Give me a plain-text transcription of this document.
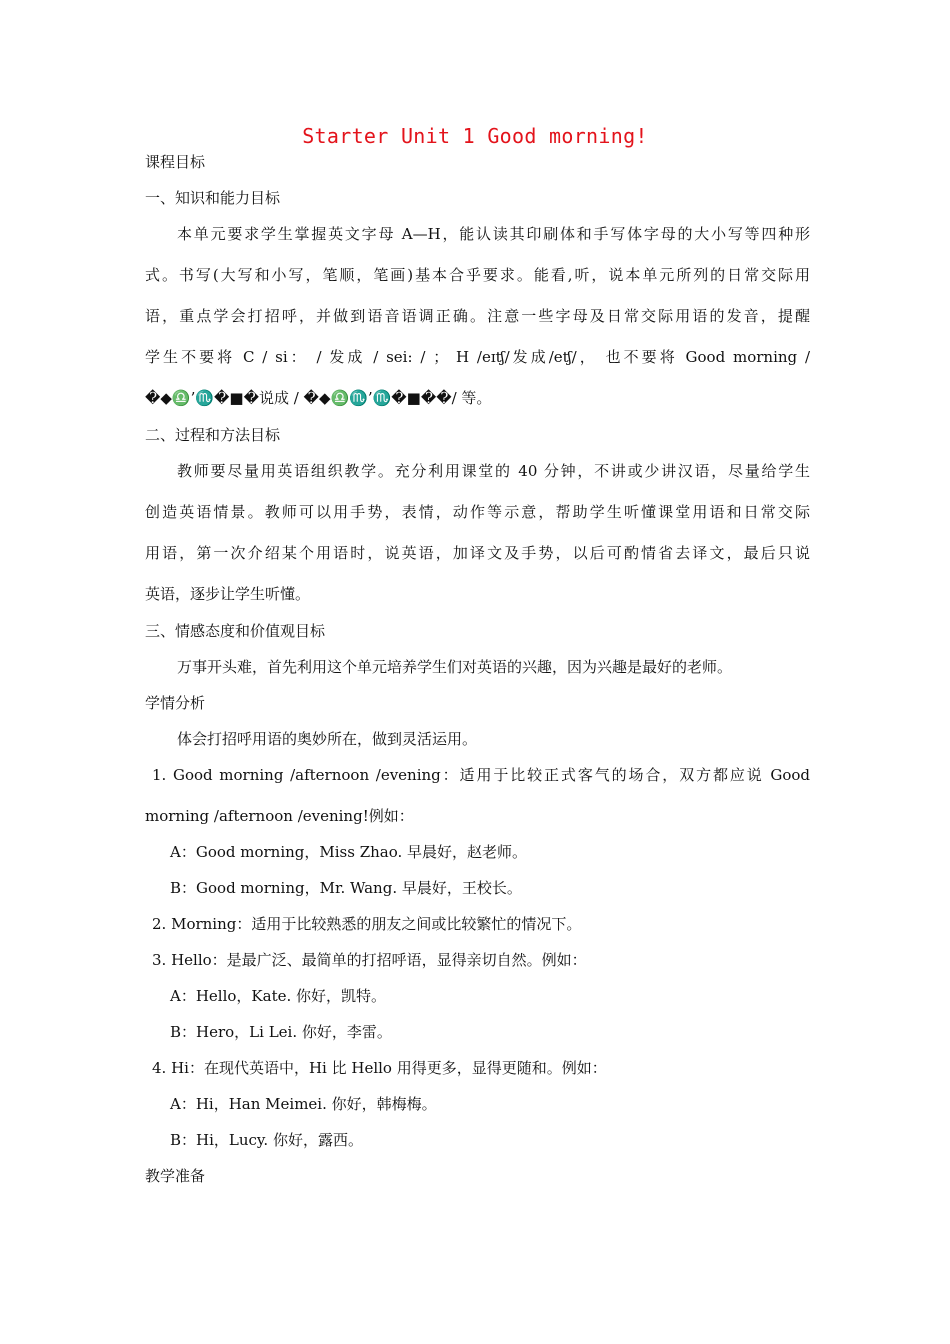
Starter Unit 1 Good morning!
课程目标
一、知识和能力目标
本单元要求学生掌握英文字母 A—H，能认读其印刷体和手写体字母的大小写等四种形
式。书写(大写和小写，笔顺，笔画)基本合乎要求。能看,听，说本单元所列的日常交际用
语，重点学会打招呼，并做到语音语调正确。注意一些字母及日常交际用语的发音，提醒
学生不要将 C / si： / 发成 / sei: / ； H /eɪʧ/发成/eʧ/， 也不要将 Good morning /
�◆♎’♏�■�说成 / �◆♎♏’♏�■��/ 等。
二、过程和方法目标
教师要尽量用英语组织教学。充分利用课堂的 40 分钟，不讲或少讲汉语，尽量给学生
创造英语情景。教师可以用手势，表情，动作等示意，帮助学生听懂课堂用语和日常交际
用语，第一次介绍某个用语时，说英语，加译文及手势，以后可酌情省去译文，最后只说
英语，逐步让学生听懂。
三、情感态度和价值观目标
万事开头难，首先利用这个单元培养学生们对英语的兴趣，因为兴趣是最好的老师。
学情分析
体会打招呼用语的奥妙所在，做到灵活运用。
1. Good morning /afternoon /evening：适用于比较正式客气的场合，双方都应说 Good
morning /afternoon /evening!例如：
A：Good morning，Miss Zhao. 早晨好，赵老师。
B：Good morning，Mr. Wang. 早晨好，王校长。
2. Morning：适用于比较熟悉的朋友之间或比较繁忙的情况下。
3. Hello：是最广泛、最简单的打招呼语，显得亲切自然。例如：
A：Hello，Kate. 你好，凯特。
B：Hero，Li Lei. 你好，李雷。
4. Hi：在现代英语中，Hi 比 Hello 用得更多，显得更随和。例如：
A：Hi，Han Meimei. 你好，韩梅梅。
B：Hi，Lucy. 你好，露西。
教学准备
